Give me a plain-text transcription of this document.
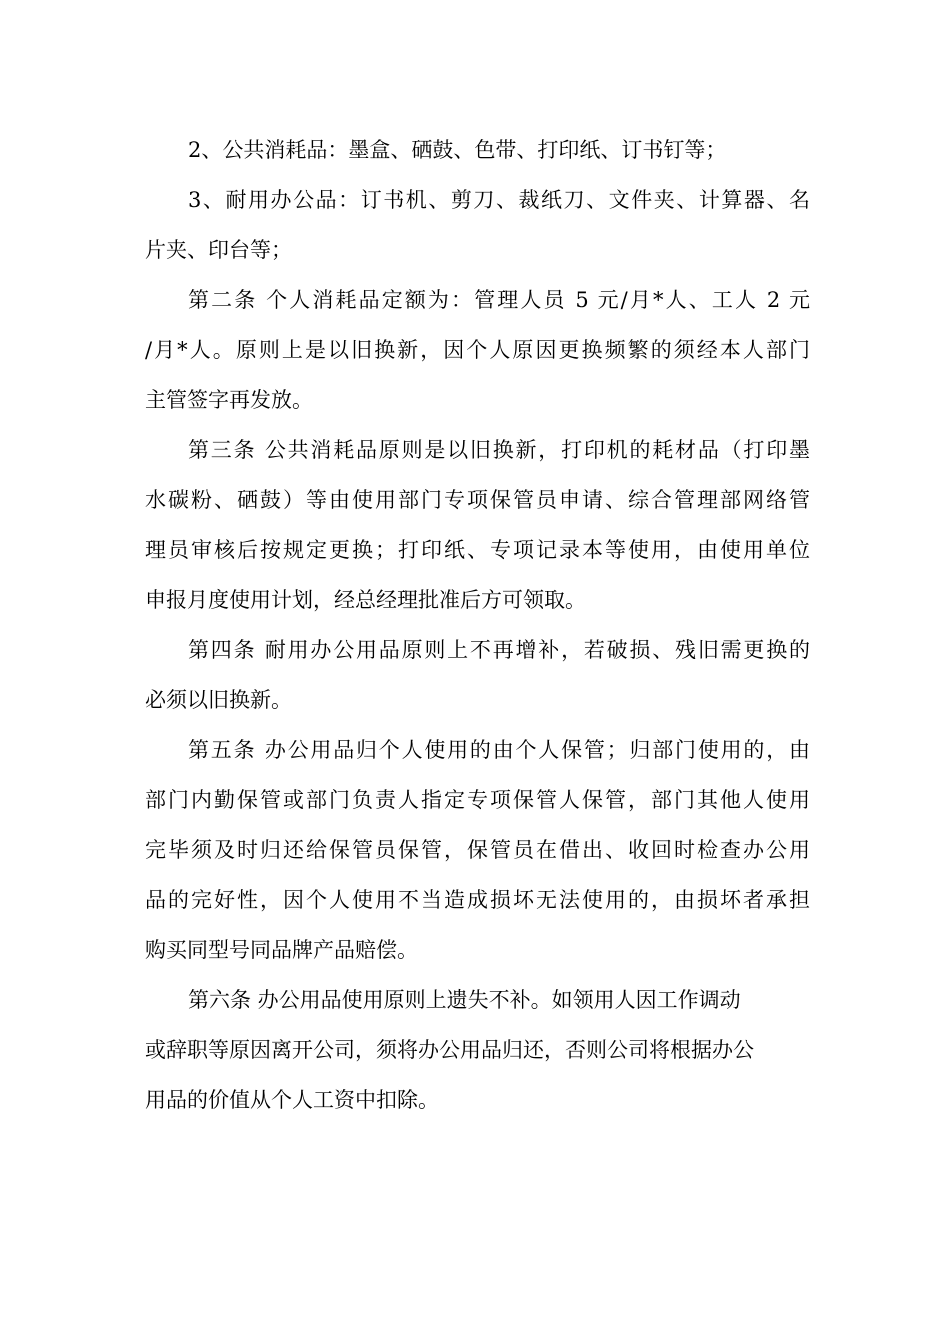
2、公共消耗品：墨盒、硒鼓、色带、打印纸、订书钉等；
3、耐用办公品：订书机、剪刀、裁纸刀、文件夹、计算器、名
片夹、印台等；
第二条 个人消耗品定额为：管理人员 5 元/月*人、工人 2 元
/月*人。原则上是以旧换新，因个人原因更换频繁的须经本人部门
主管签字再发放。
第三条 公共消耗品原则是以旧换新，打印机的耗材品（打印墨
水碳粉、硒鼓）等由使用部门专项保管员申请、综合管理部网络管
理员审核后按规定更换；打印纸、专项记录本等使用，由使用单位
申报月度使用计划，经总经理批准后方可领取。
第四条 耐用办公用品原则上不再增补，若破损、残旧需更换的
必须以旧换新。
第五条 办公用品归个人使用的由个人保管；归部门使用的，由
部门内勤保管或部门负责人指定专项保管人保管，部门其他人使用
完毕须及时归还给保管员保管，保管员在借出、收回时检查办公用
品的完好性，因个人使用不当造成损坏无法使用的，由损坏者承担
购买同型号同品牌产品赔偿。
第六条 办公用品使用原则上遗失不补。如领用人因工作调动
或辞职等原因离开公司，须将办公用品归还，否则公司将根据办公
用品的价值从个人工资中扣除。
